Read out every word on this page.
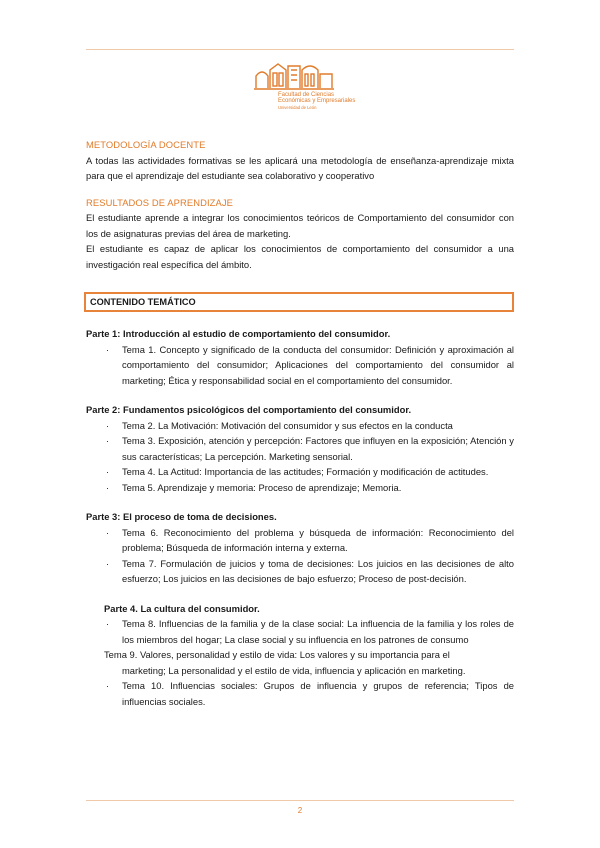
Facultad de Ciencias
Económicas y Empresariales
Universidad de León
METODOLOGÍA DOCENTE
A todas las actividades formativas se les aplicará una metodología de enseñanza-aprendizaje mixta para que el aprendizaje del estudiante sea colaborativo y cooperativo
RESULTADOS DE APRENDIZAJE
El estudiante aprende a integrar los conocimientos teóricos de Comportamiento del consumidor con los de asignaturas previas del área de marketing.
El estudiante es capaz de aplicar los conocimientos de comportamiento del consumidor a una investigación real específica del ámbito.
CONTENIDO TEMÁTICO
Parte 1: Introducción al estudio de comportamiento del consumidor.
· Tema 1. Concepto y significado de la conducta del consumidor: Definición y aproximación al comportamiento del consumidor; Aplicaciones del comportamiento del consumidor al marketing; Ética y responsabilidad social en el comportamiento del consumidor.
Parte 2: Fundamentos psicológicos del comportamiento del consumidor.
· Tema 2. La Motivación: Motivación del consumidor y sus efectos en la conducta
· Tema 3. Exposición, atención y percepción: Factores que influyen en la exposición; Atención y sus características; La percepción. Marketing sensorial.
· Tema 4. La Actitud: Importancia de las actitudes; Formación y modificación de actitudes.
· Tema 5. Aprendizaje y memoria: Proceso de aprendizaje; Memoria.
Parte 3: El proceso de toma de decisiones.
· Tema 6. Reconocimiento del problema y búsqueda de información: Reconocimiento del problema; Búsqueda de información interna y externa.
· Tema 7. Formulación de juicios y toma de decisiones: Los juicios en las decisiones de alto esfuerzo; Los juicios en las decisiones de bajo esfuerzo; Proceso de post-decisión.
Parte 4. La cultura del consumidor.
· Tema 8. Influencias de la familia y de la clase social: La influencia de la familia y los roles de los miembros del hogar; La clase social y su influencia en los patrones de consumo
Tema 9. Valores, personalidad y estilo de vida: Los valores y su importancia para el
marketing; La personalidad y el estilo de vida, influencia y aplicación en marketing.
· Tema 10. Influencias sociales: Grupos de influencia y grupos de referencia; Tipos de influencias sociales.
2
